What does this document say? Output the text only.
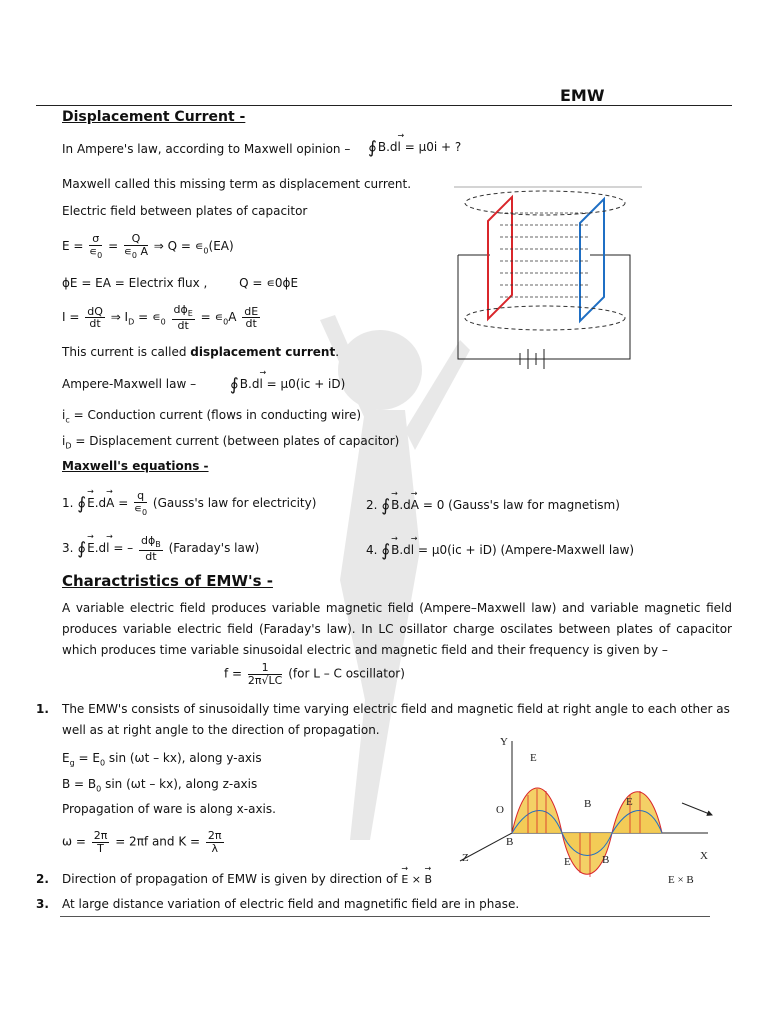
EMW
Displacement Current -
In Ampere's law, according to Maxwell opinion – ∮B.d→ l = μ0i + ?
Maxwell called this missing term as displacement current.
Electric field between plates of capacitor
$E = \frac{\sigma}{∊_0} = \frac{Q}{∊_0 A}$ ⇒ $Q = ∊_0(EA)$
ϕE = EA = Electrix flux ,	Q = ∊0ϕE
$I = \frac{dQ}{dt}$ ⇒ $I_D$ = $∊_0 \frac{d\phi_E}{dt}$ = $∊_0A \frac{dE}{dt}$
This current is called displacement current.
Ampere-Maxwell law – ∮B.d→ l = μ0(ic + iD)
$i_c$ = Conduction current (flows in conducting wire)
$i_D$ = Displacement current (between plates of capacitor)
Maxwell's equations -
1. ∮→ $E.d\to A = \frac{q}{∊_0}$ (Gauss's law for electricity)	2. ∮→ B.d→ A = 0 (Gauss's law for magnetism)
3. ∮→ E.d→ l = – $\frac{d\phi_B}{dt}$ (Faraday's law)	4. ∮→ B.d→ l = μ0(ic + iD) (Ampere-Maxwell law)
Charactristics of EMW's -
A variable electric field produces variable magnetic field (Ampere–Maxwell law) and variable magnetic field produces variable electric field (Faraday's law). In LC osillator charge oscilates between plates of capacitor which produces time variable sinusoidal electric and magnetic field and their frequency is given by –
$f = \frac{1}{2\pi√LC} (for$ L – C oscillator)
1. The EMW's consists of sinusoidally time varying electric field and magnetic field at right angle to each other as well as at right angle to the direction of propagation.
$E_g = E_0$ sin (ωt – kx), along y-axis
$B = B_0$ sin (ωt – kx), along z-axis
Propagation of ware is along x-axis.
$\omega = \frac{2\pi}{T} = 2\pi f$ and $K = \frac{2\pi}{\lambda}$
2. Direction of propagation of EMW is given by direction of → E × → B
3. At large distance variation of electric field and magnetific field are in phase.
Y
O
Z	X
E
B
B
E
E
B
E × B
